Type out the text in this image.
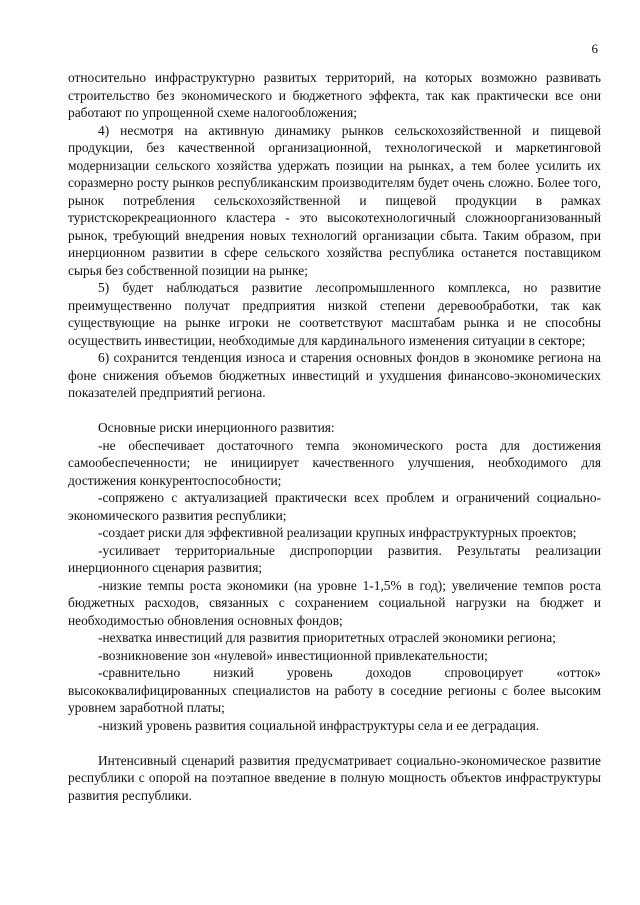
6

относительно инфраструктурно развитых территорий, на которых возможно развивать строительство без экономического и бюджетного эффекта, так как практически все они работают по упрощенной схеме налогообложения;

4) несмотря на активную динамику рынков сельскохозяйственной и пищевой продукции, без качественной организационной, технологической и маркетинговой модернизации сельского хозяйства удержать позиции на рынках, а тем более усилить их соразмерно росту рынков республиканским производителям будет очень сложно. Более того, рынок потребления сельскохозяйственной и пищевой продукции в рамках туристскорекреационного кластера - это высокотехнологичный сложноорганизованный рынок, требующий внедрения новых технологий организации сбыта. Таким образом, при инерционном развитии в сфере сельского хозяйства республика останется поставщиком сырья без собственной позиции на рынке;

5) будет наблюдаться развитие лесопромышленного комплекса, но развитие преимущественно получат предприятия низкой степени деревообработки, так как существующие на рынке игроки не соответствуют масштабам рынка и не способны осуществить инвестиции, необходимые для кардинального изменения ситуации в секторе;

6) сохранится тенденция износа и старения основных фондов в экономике региона на фоне снижения объемов бюджетных инвестиций и ухудшения финансово-экономических показателей предприятий региона.

Основные риски инерционного развития:

-не обеспечивает достаточного темпа экономического роста для достижения самообеспеченности; не инициирует качественного улучшения, необходимого для достижения конкурентоспособности;

-сопряжено с актуализацией практически всех проблем и ограничений социально-экономического развития республики;

-создает риски для эффективной реализации крупных инфраструктурных проектов;

-усиливает территориальные диспропорции развития. Результаты реализации инерционного сценария развития;

-низкие темпы роста экономики (на уровне 1-1,5% в год); увеличение темпов роста бюджетных расходов, связанных с сохранением социальной нагрузки на бюджет и необходимостью обновления основных фондов;

-нехватка инвестиций для развития приоритетных отраслей экономики региона;

-возникновение зон «нулевой» инвестиционной привлекательности;

-сравнительно низкий уровень доходов спровоцирует «отток» высококвалифицированных специалистов на работу в соседние регионы с более высоким уровнем заработной платы;

-низкий уровень развития социальной инфраструктуры села и ее деградация.

Интенсивный сценарий развития предусматривает социально-экономическое развитие республики с опорой на поэтапное введение в полную мощность объектов инфраструктуры развития республики.
